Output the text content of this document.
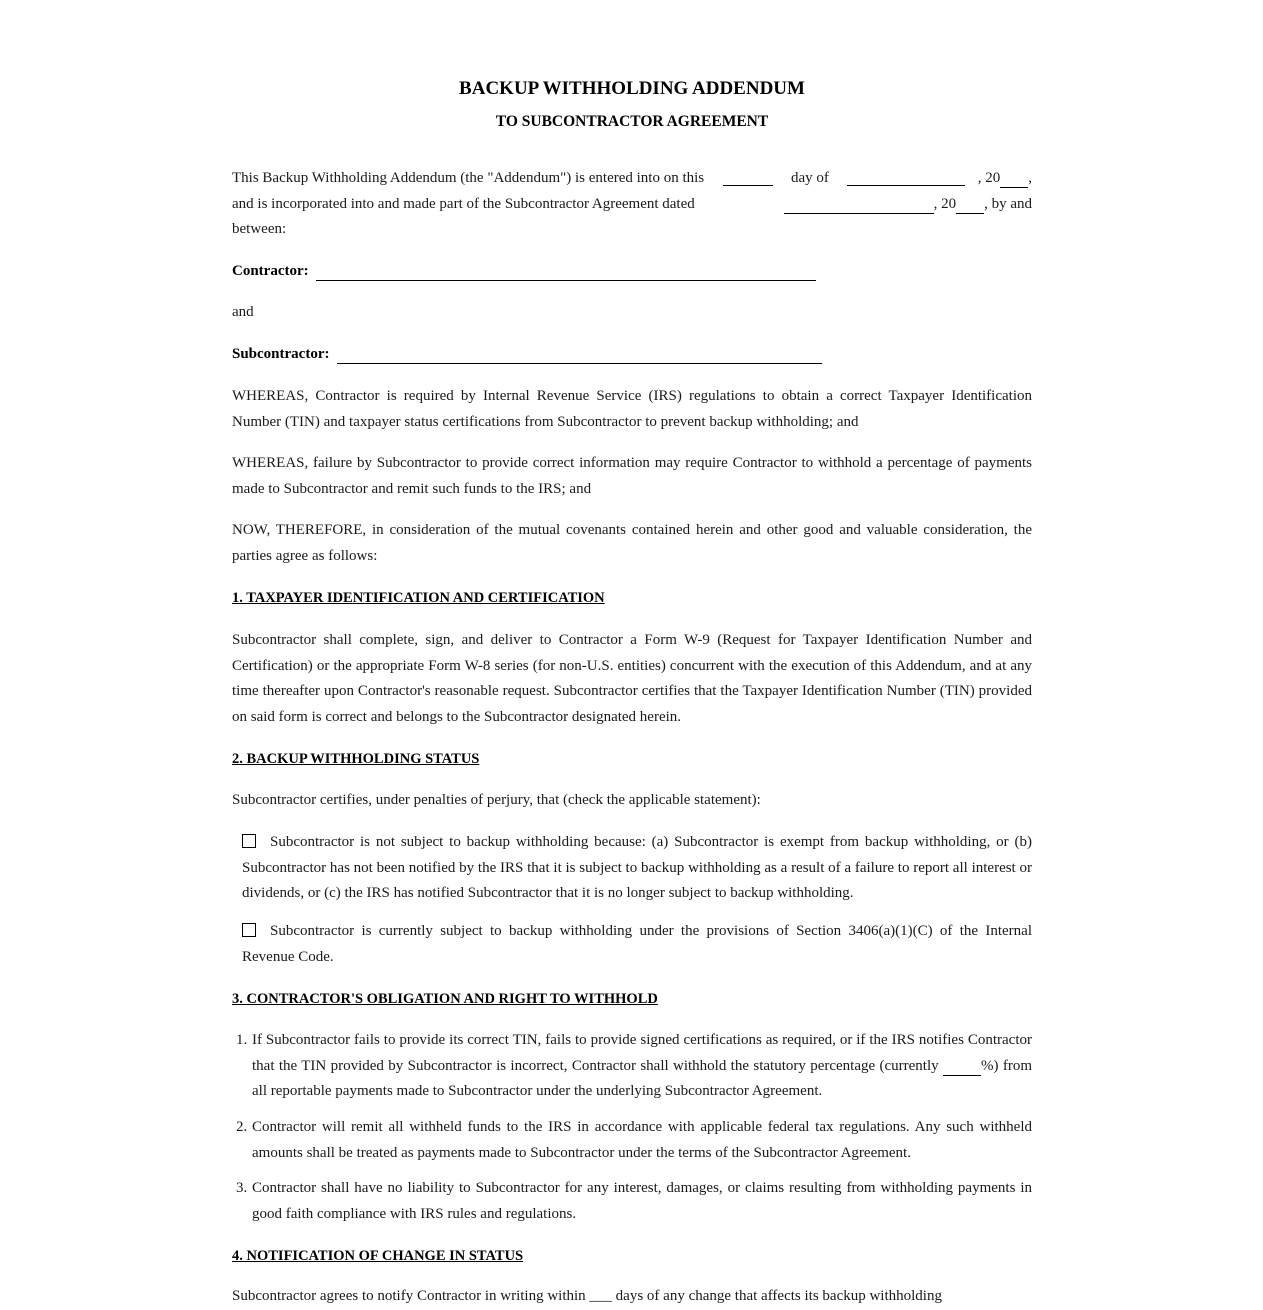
BACKUP WITHHOLDING ADDENDUM
TO SUBCONTRACTOR AGREEMENT
This Backup Withholding Addendum (the "Addendum") is entered into on this	day of	, 20 ,
and is incorporated into and made part of the Subcontractor Agreement dated	, 20 , by and
between:
Contractor:
and
Subcontractor:
WHEREAS, Contractor is required by Internal Revenue Service (IRS) regulations to obtain a correct Taxpayer Identification Number (TIN) and taxpayer status certifications from Subcontractor to prevent backup withholding; and
WHEREAS, failure by Subcontractor to provide correct information may require Contractor to withhold a percentage of payments made to Subcontractor and remit such funds to the IRS; and
NOW, THEREFORE, in consideration of the mutual covenants contained herein and other good and valuable consideration, the parties agree as follows:
1. TAXPAYER IDENTIFICATION AND CERTIFICATION
Subcontractor shall complete, sign, and deliver to Contractor a Form W-9 (Request for Taxpayer Identification Number and Certification) or the appropriate Form W-8 series (for non-U.S. entities) concurrent with the execution of this Addendum, and at any time thereafter upon Contractor's reasonable request. Subcontractor certifies that the Taxpayer Identification Number (TIN) provided on said form is correct and belongs to the Subcontractor designated herein.
2. BACKUP WITHHOLDING STATUS
Subcontractor certifies, under penalties of perjury, that (check the applicable statement):
Subcontractor is not subject to backup withholding because: (a) Subcontractor is exempt from backup withholding, or (b) Subcontractor has not been notified by the IRS that it is subject to backup withholding as a result of a failure to report all interest or dividends, or (c) the IRS has notified Subcontractor that it is no longer subject to backup withholding.
Subcontractor is currently subject to backup withholding under the provisions of Section 3406(a)(1)(C) of the Internal Revenue Code.
3. CONTRACTOR'S OBLIGATION AND RIGHT TO WITHHOLD
1. If Subcontractor fails to provide its correct TIN, fails to provide signed certifications as required, or if the IRS notifies Contractor that the TIN provided by Subcontractor is incorrect, Contractor shall withhold the statutory percentage (currently	%) from all reportable payments made to Subcontractor under the underlying Subcontractor Agreement.
2. Contractor will remit all withheld funds to the IRS in accordance with applicable federal tax regulations. Any such withheld amounts shall be treated as payments made to Subcontractor under the terms of the Subcontractor Agreement.
3. Contractor shall have no liability to Subcontractor for any interest, damages, or claims resulting from withholding payments in good faith compliance with IRS rules and regulations.
4. NOTIFICATION OF CHANGE IN STATUS
Subcontractor agrees to notify Contractor in writing within ___ days of any change that affects its backup withholding
